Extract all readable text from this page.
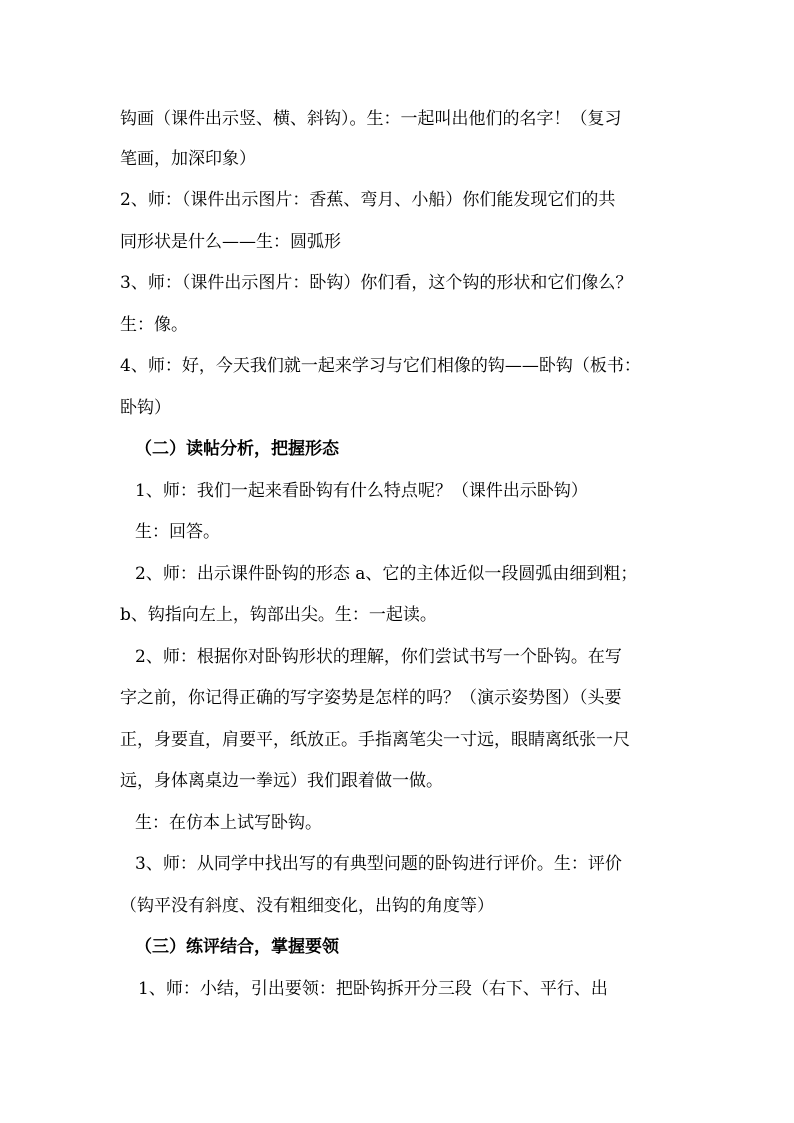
钩画（课件出示竖、横、斜钩）。生：一起叫出他们的名字！（复习
笔画，加深印象）
2、师：（课件出示图片：香蕉、弯月、小船）你们能发现它们的共
同形状是什么——生：圆弧形
3、师：（课件出示图片：卧钩）你们看，这个钩的形状和它们像么？
生：像。
4、师：好，今天我们就一起来学习与它们相像的钩——卧钩（板书：
卧钩）
（二）读帖分析，把握形态
1、师：我们一起来看卧钩有什么特点呢？（课件出示卧钩）
生：回答。
2、师：出示课件卧钩的形态 a、它的主体近似一段圆弧由细到粗；
b、钩指向左上，钩部出尖。生：一起读。
2、师：根据你对卧钩形状的理解，你们尝试书写一个卧钩。在写
字之前，你记得正确的写字姿势是怎样的吗？（演示姿势图）（头要
正，身要直，肩要平，纸放正。手指离笔尖一寸远，眼睛离纸张一尺
远，身体离桌边一拳远）我们跟着做一做。
生：在仿本上试写卧钩。
3、师：从同学中找出写的有典型问题的卧钩进行评价。生：评价
（钩平没有斜度、没有粗细变化，出钩的角度等）
（三）练评结合，掌握要领
1、师：小结，引出要领：把卧钩拆开分三段（右下、平行、出
